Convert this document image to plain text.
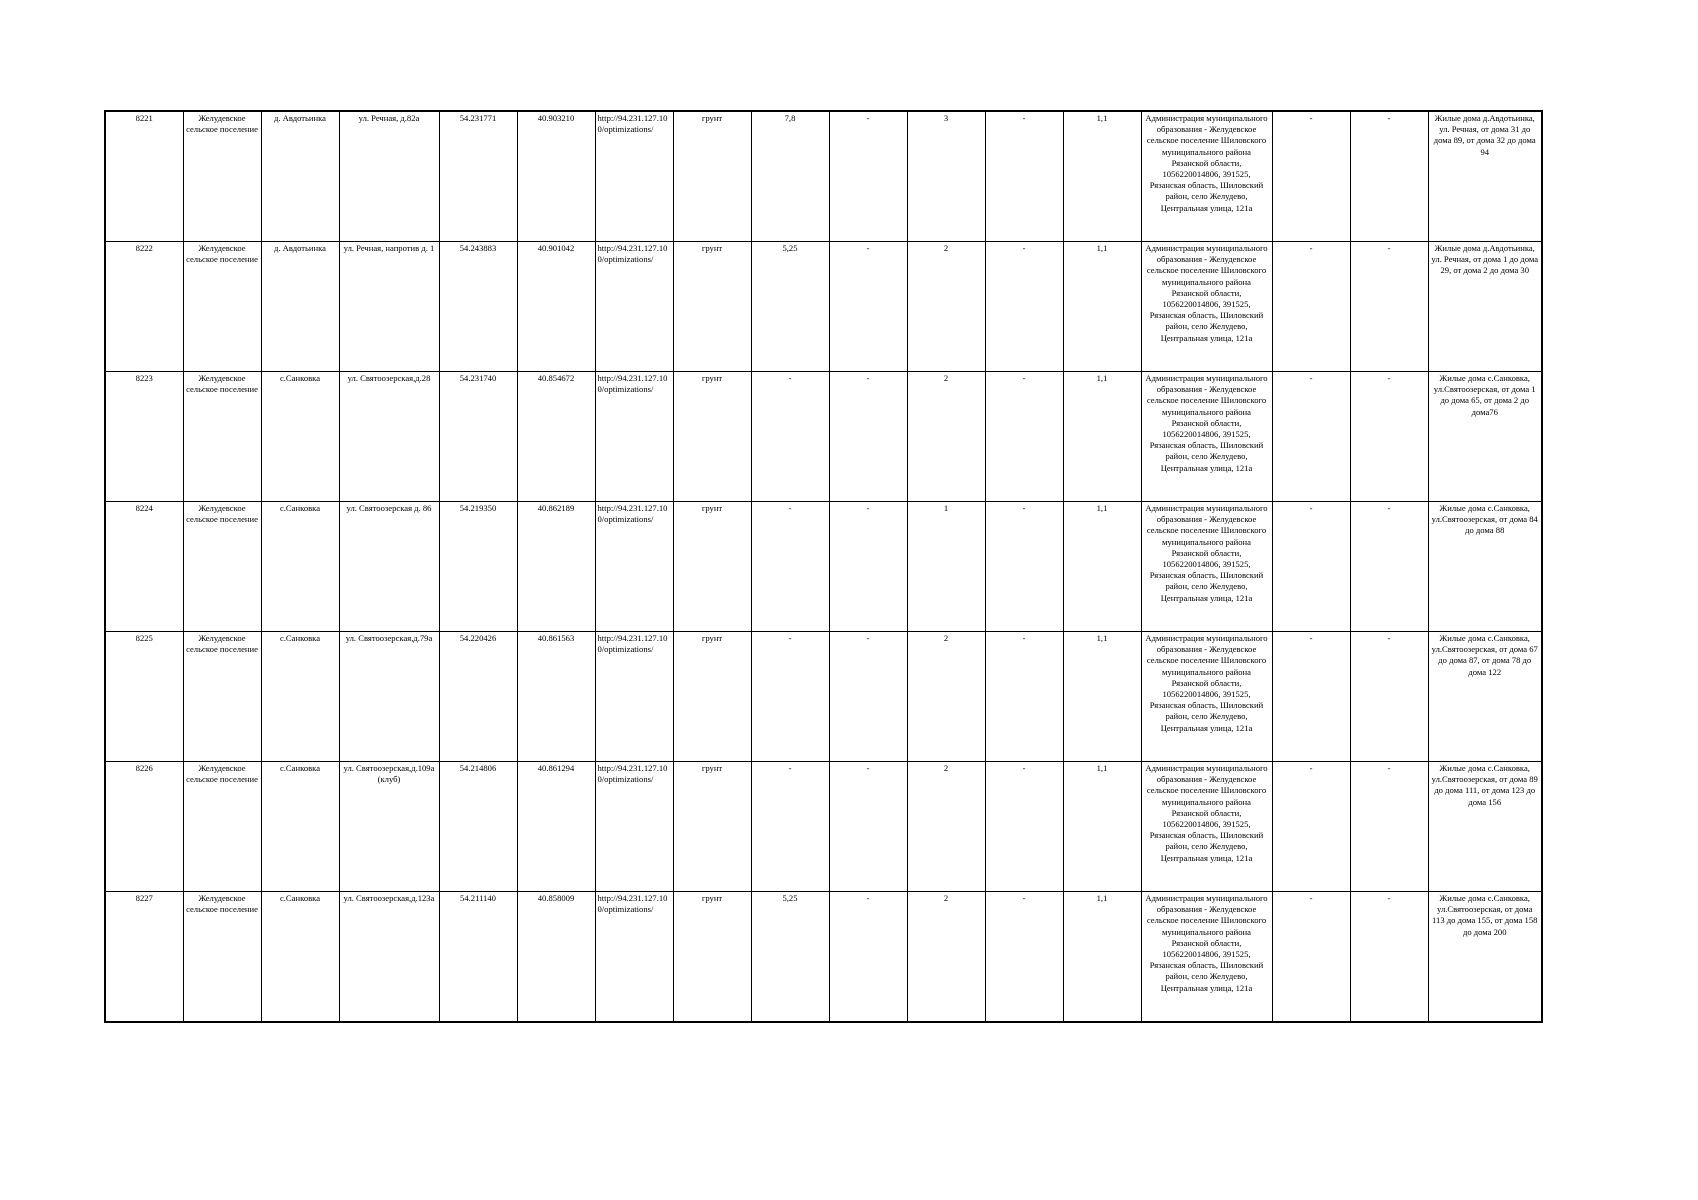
8221	Желудевское сельское поселение	д. Авдотьинка	ул. Речная, д.82а	54.231771	40.903210	http://94.231.127.100/optimizations/	грунт	7,8	-	3	-	1,1	Администрация муниципального образования - Желудевское сельское поселение Шиловского муниципального района Рязанской области, 1056220014806, 391525, Рязанская область, Шиловский район, село Желудево, Центральная улица, 121а	-	-	Жилые дома д.Авдотьинка, ул. Речная, от дома 31 до дома 89, от дома 32 до дома 94
8222	Желудевское сельское поселение	д. Авдотьинка	ул. Речная, напротив д. 1	54.243883	40.901042	http://94.231.127.100/optimizations/	грунт	5,25	-	2	-	1,1	Администрация муниципального образования - Желудевское сельское поселение Шиловского муниципального района Рязанской области, 1056220014806, 391525, Рязанская область, Шиловский район, село Желудево, Центральная улица, 121а	-	-	Жилые дома д.Авдотьинка, ул. Речная, от дома 1 до дома 29, от дома 2 до дома 30
8223	Желудевское сельское поселение	с.Санковка	ул. Святоозерская,д.28	54.231740	40.854672	http://94.231.127.100/optimizations/	грунт	-	-	2	-	1,1	Администрация муниципального образования - Желудевское сельское поселение Шиловского муниципального района Рязанской области, 1056220014806, 391525, Рязанская область, Шиловский район, село Желудево, Центральная улица, 121а	-	-	Жилые дома с.Санковка, ул.Святоозерская, от дома 1 до дома 65, от дома 2 до дома76
8224	Желудевское сельское поселение	с.Санковка	ул. Святоозерская д. 86	54.219350	40.862189	http://94.231.127.100/optimizations/	грунт	-	-	1	-	1,1	Администрация муниципального образования - Желудевское сельское поселение Шиловского муниципального района Рязанской области, 1056220014806, 391525, Рязанская область, Шиловский район, село Желудево, Центральная улица, 121а	-	-	Жилые дома с.Санковка, ул.Святоозерская, от дома 84 до дома 88
8225	Желудевское сельское поселение	с.Санковка	ул. Святоозерская,д.79а	54.220426	40.861563	http://94.231.127.100/optimizations/	грунт	-	-	2	-	1,1	Администрация муниципального образования - Желудевское сельское поселение Шиловского муниципального района Рязанской области, 1056220014806, 391525, Рязанская область, Шиловский район, село Желудево, Центральная улица, 121а	-	-	Жилые дома с.Санковка, ул.Святоозерская, от дома 67 до дома 87, от дома 78 до дома 122
8226	Желудевское сельское поселение	с.Санковка	ул. Святоозерская,д.109а (клуб)	54.214806	40.861294	http://94.231.127.100/optimizations/	грунт	-	-	2	-	1,1	Администрация муниципального образования - Желудевское сельское поселение Шиловского муниципального района Рязанской области, 1056220014806, 391525, Рязанская область, Шиловский район, село Желудево, Центральная улица, 121а	-	-	Жилые дома с.Санковка, ул.Святоозерская, от дома 89 до дома 111, от дома 123 до дома 156
8227	Желудевское сельское поселение	с.Санковка	ул. Святоозерская,д.123а	54.211140	40.858009	http://94.231.127.100/optimizations/	грунт	5,25	-	2	-	1,1	Администрация муниципального образования - Желудевское сельское поселение Шиловского муниципального района Рязанской области, 1056220014806, 391525, Рязанская область, Шиловский район, село Желудево, Центральная улица, 121а	-	-	Жилые дома с.Санковка, ул.Святоозерская, от дома 113 до дома 155, от дома 158 до дома 200
